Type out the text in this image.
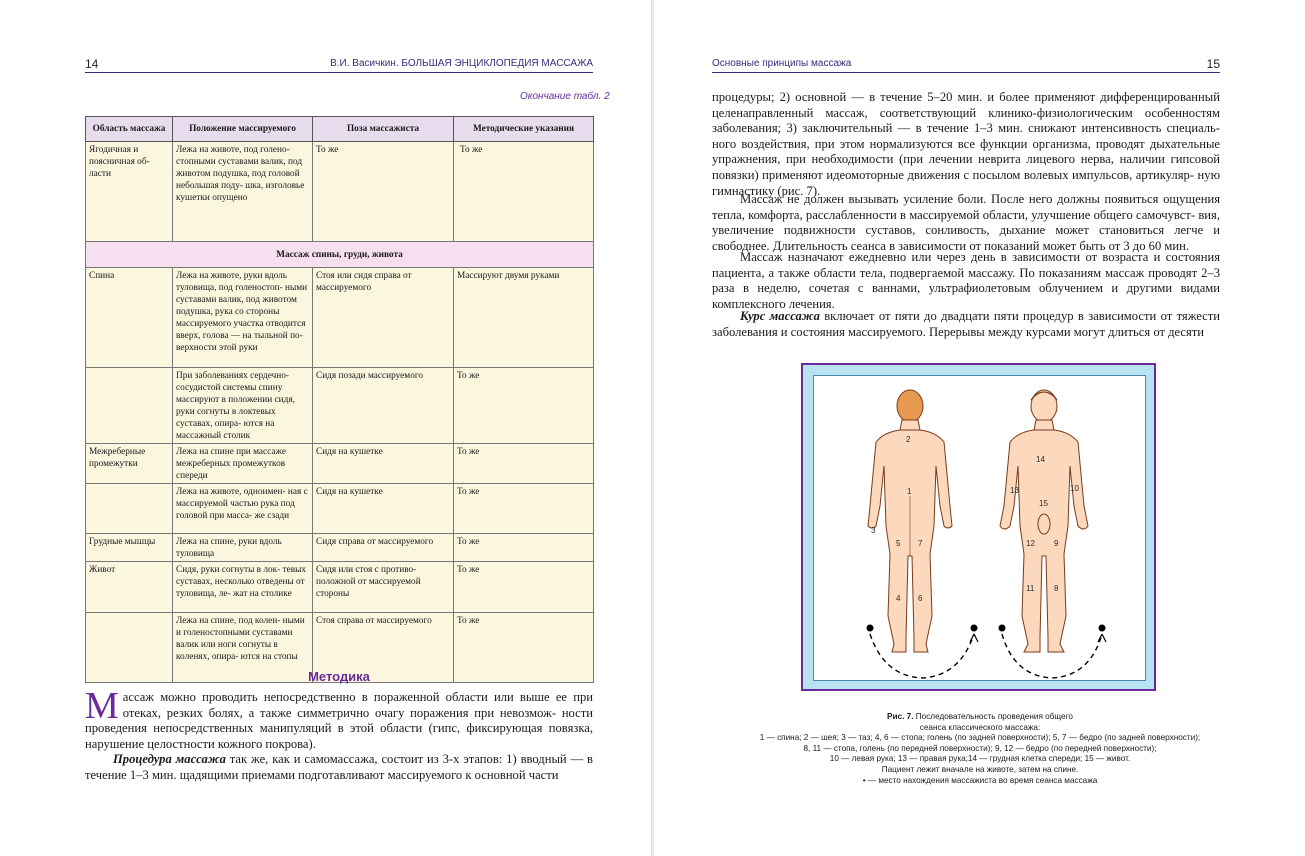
14	В.И. Васичкин. БОЛЬШАЯ ЭНЦИКЛОПЕДИЯ МАССАЖА
Окончание табл. 2
Область массажа	Положение массируемого	Поза массажиста	Методические указания
Ягодичная и поясничная об- ласти	Лежа на животе, под голено- стопными суставами валик, под животом подушка, под головой небольшая поду- шка, изголовье кушетки опущено	То же	То же
Массаж спины, груди, живота			
Спина	Лежа на животе, руки вдоль туловища, под голеностоп- ными суставами валик, под животом подушка, рука со стороны массируемого участка отводится вверх, голова — на тыльной по- верхности этой руки	Стоя или сидя справа от массируемого	Массируют двумя руками
	При заболеваниях сердечно- сосудистой системы спину массируют в положении сидя, руки согнуты в локтевых суставах, опира- ются на массажный столик	Сидя позади массируемого	То же
Межреберные промежутки	Лежа на спине при массаже межреберных промежутков спереди	Сидя на кушетке	То же
	Лежа на животе, одноимен- ная с массируемой частью рука под головой при масса- же сзади	Сидя на кушетке	То же
Грудные мышцы	Лежа на спине, руки вдоль туловища	Сидя справа от массируемого	То же
Живот	Сидя, руки согнуты в лок- тевых суставах, несколько отведены от туловища, ле- жат на столике	Сидя или стоя с противо- положной от массируемой стороны	То же
	Лежа на спине, под колен- ными и голеностопными суставами валик или ноги согнуты в коленях, опира- ются на стопы	Стоя справа от массируемого	То же
Методика
Массаж можно проводить непосредственно в пораженной области или выше ее при отеках, резких болях, а также симметрично очагу поражения при невозмож- ности проведения непосредственных манипуляций в этой области (гипс, фиксирующая повязка, нарушение целостности кожного покрова).
Процедура массажа так же, как и самомассажа, состоит из 3-х этапов: 1) вводный — в течение 1–3 мин. щадящими приемами подготавливают массируемого к основной части
Основные принципы массажа	15
процедуры; 2) основной — в течение 5–20 мин. и более применяют дифференцированный целенаправленный массаж, соответствующий клинико-физиологическим особенностям заболевания; 3) заключительный — в течение 1–3 мин. снижают интенсивность специаль- ного воздействия, при этом нормализуются все функции организма, проводят дыхательные упражнения, при необходимости (при лечении неврита лицевого нерва, наличии гипсовой повязки) применяют идеомоторные движения с посылом волевых импульсов, артикуляр- ную гимнастику (рис. 7).
Массаж не должен вызывать усиление боли. После него должны появиться ощущения тепла, комфорта, расслабленности в массируемой области, улучшение общего самочувст- вия, увеличение подвижности суставов, сонливость, дыхание может становиться легче и свободнее. Длительность сеанса в зависимости от показаний может быть от 3 до 60 мин.
Массаж назначают ежедневно или через день в зависимости от возраста и состояния пациента, а также области тела, подвергаемой массажу. По показаниям массаж проводят 2–3 раза в неделю, сочетая с ваннами, ультрафиолетовым облучением и другими видами комплексного лечения.
Курс массажа включает от пяти до двадцати пяти процедур в зависимости от тяжести заболевания и состояния массируемого. Перерывы между курсами могут длиться от десяти
2
1
3
5 7
4 6
14
13	10
15
12 9
11 8
Рис. 7. Последовательность проведения общего
сеанса классического массажа:
1 — спина; 2 — шея; 3 — таз; 4, 6 — стопа; голень (по задней поверхности); 5, 7 — бедро (по задней поверхности);
8, 11 — стопа, голень (по передней поверхности); 9, 12 — бедро (по передней поверхности);
10 — левая рука; 13 — правая рука;14 — грудная клетка спереди; 15 — живот.
Пациент лежит вначале на животе, затем на спине.
• — место нахождения массажиста во время сеанса массажа
